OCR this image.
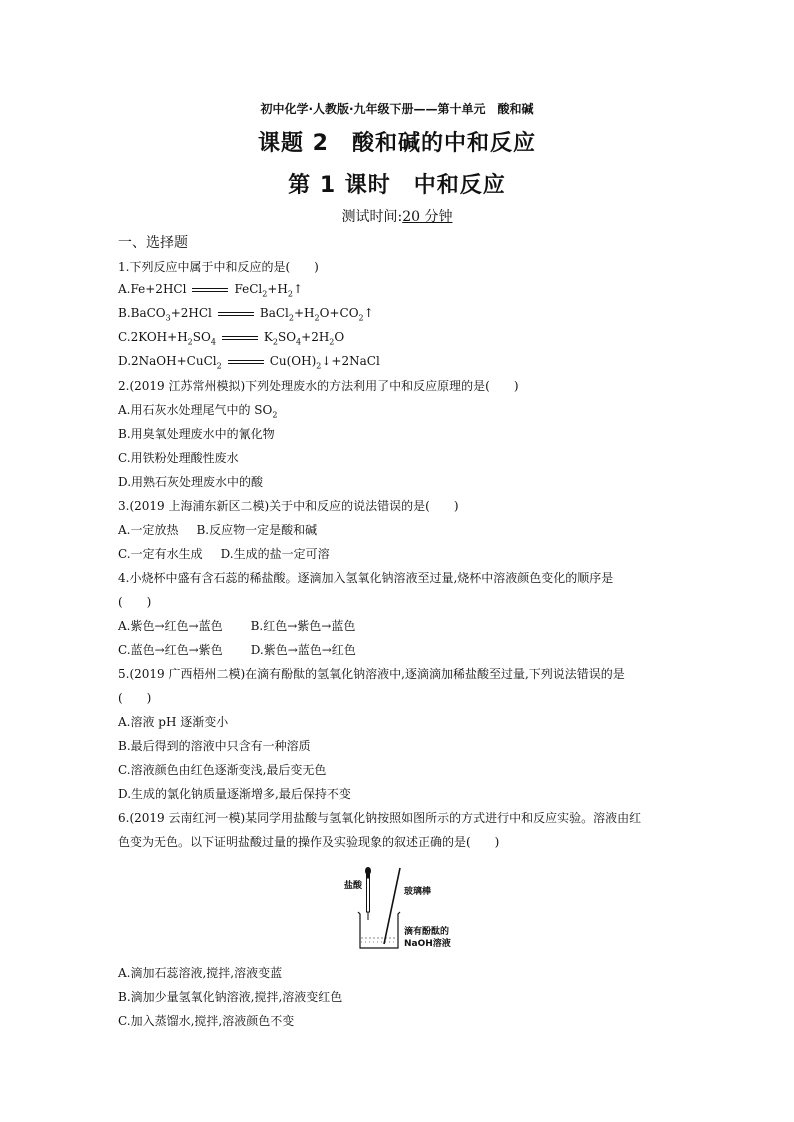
初中化学·人教版·九年级下册——第十单元　酸和碱
课题 2　酸和碱的中和反应
第 1 课时　中和反应
测试时间:20 分钟
一、选择题
1.下列反应中属于中和反应的是(　　)
A.Fe+2HCl	$FeCl_2+H_2↑$
B.BaCO$_3$+2HCl	$BaCl_2+H_2O+CO_2↑$
$C.2KOH+H_2SO_4$	$K_2SO_4+2H_2O$
D.2NaOH+CuCl$_2$	$Cu(OH)_2↓+2NaCl$
2.(2019 江苏常州模拟)下列处理废水的方法利用了中和反应原理的是(　　)
A.用石灰水处理尾气中的 $SO_2$
B.用臭氧处理废水中的氰化物
C.用铁粉处理酸性废水
D.用熟石灰处理废水中的酸
3.(2019 上海浦东新区二模)关于中和反应的说法错误的是(　　)
A.一定放热 B.反应物一定是酸和碱
C.一定有水生成 D.生成的盐一定可溶
4.小烧杯中盛有含石蕊的稀盐酸。逐滴加入氢氧化钠溶液至过量,烧杯中溶液颜色变化的顺序是
(　　)
A.紫色→红色→蓝色 B.红色→紫色→蓝色
C.蓝色→红色→紫色 D.紫色→蓝色→红色
5.(2019 广西梧州二模)在滴有酚酞的氢氧化钠溶液中,逐滴滴加稀盐酸至过量,下列说法错误的是
(　　)
A.溶液 pH 逐渐变小
B.最后得到的溶液中只含有一种溶质
C.溶液颜色由红色逐渐变浅,最后变无色
D.生成的氯化钠质量逐渐增多,最后保持不变
6.(2019 云南红河一模)某同学用盐酸与氢氧化钠按照如图所示的方式进行中和反应实验。溶液由红
色变为无色。以下证明盐酸过量的操作及实验现象的叙述正确的是(　　)
盐酸
玻璃棒
滴有酚酞的
NaOH溶液
A.滴加石蕊溶液,搅拌,溶液变蓝
B.滴加少量氢氧化钠溶液,搅拌,溶液变红色
C.加入蒸馏水,搅拌,溶液颜色不变
